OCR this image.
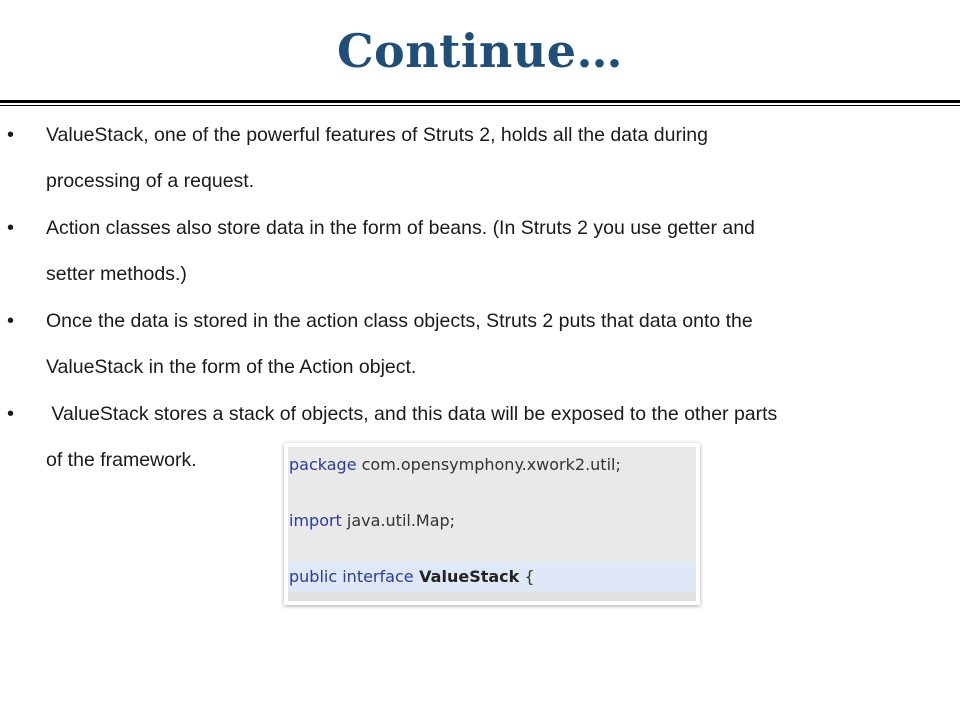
Continue…
• ValueStack, one of the powerful features of Struts 2, holds all the data during
processing of a request.
• Action classes also store data in the form of beans. (In Struts 2 you use getter and
setter methods.)
• Once the data is stored in the action class objects, Struts 2 puts that data onto the
ValueStack in the form of the Action object.
• ValueStack stores a stack of objects, and this data will be exposed to the other parts
of the framework.	package com.opensymphony.xwork2.util;
import java.util.Map;
public interface ValueStack {
